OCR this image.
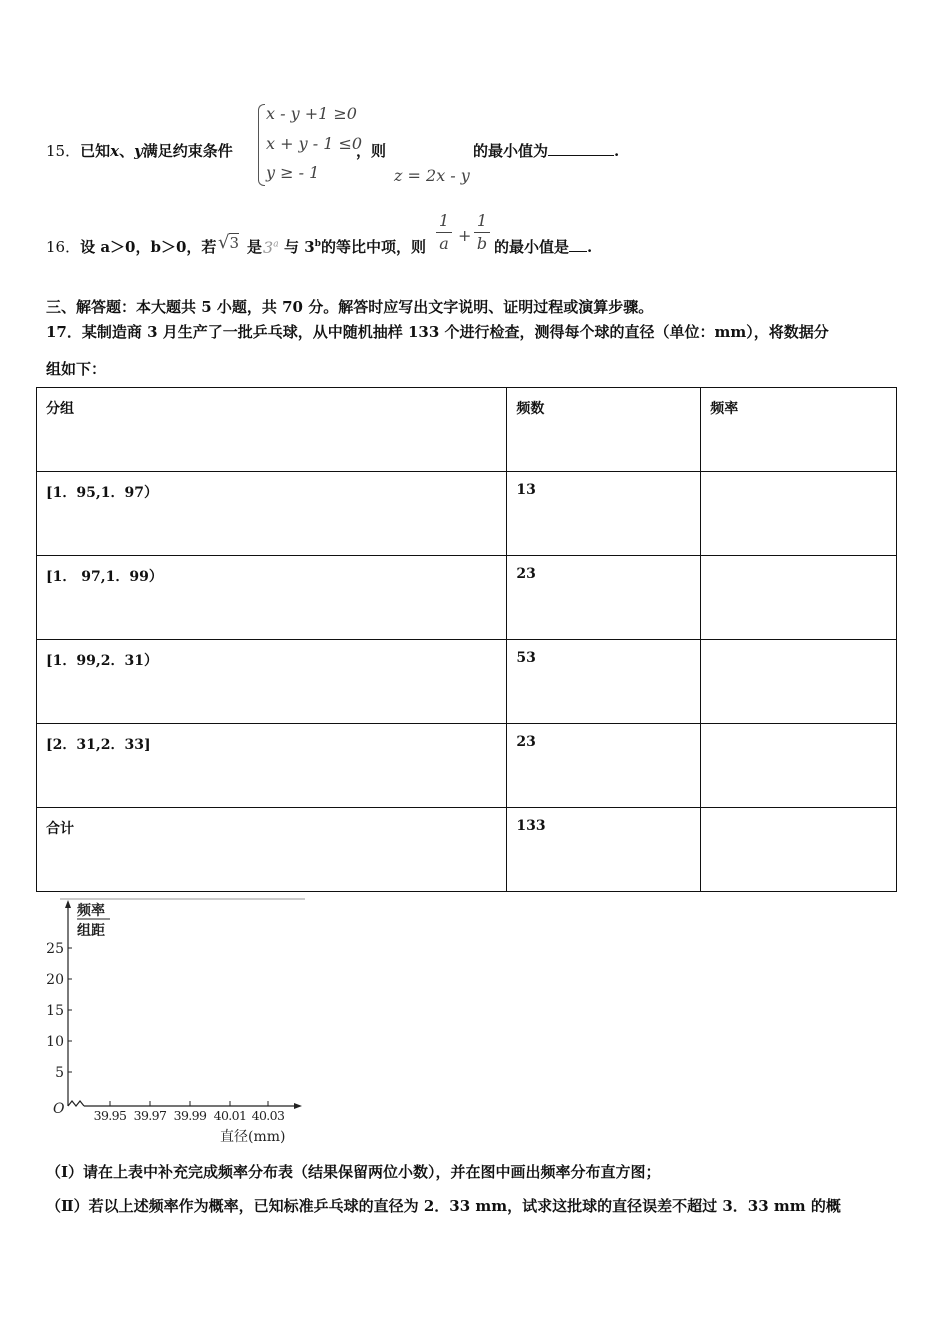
15．已知x、y满足约束条件
x - y +1 ≥0
x + y - 1 ≤0
y ≥ - 1
，则
z = 2x - y
的最小值为	.
16．设 a＞0，b＞0，若 √3 是 3$^a$ 与 3$^b$的等比中项，则
1
a +
1
b 的最小值是 .
三、解答题：本大题共 5 小题，共 70 分。解答时应写出文字说明、证明过程或演算步骤。
17．某制造商 3 月生产了一批乒乓球，从中随机抽样 133 个进行检查，测得每个球的直径（单位：mm），将数据分
组如下：
分组	频数	频率
[1．95,1．97）	13	
[1． 97,1．99）	23	
[1．99,2．31）	53	
[2．31,2．33]	23	
合计	133	
频率
组距
25
20
15
10
5
O 39.95 39.97 39.99 40.01 40.03
直径(mm)
（Ⅰ）请在上表中补充完成频率分布表（结果保留两位小数），并在图中画出频率分布直方图；
（Ⅱ）若以上述频率作为概率，已知标准乒乓球的直径为 2．33 mm，试求这批球的直径误差不超过 3．33 mm 的概
